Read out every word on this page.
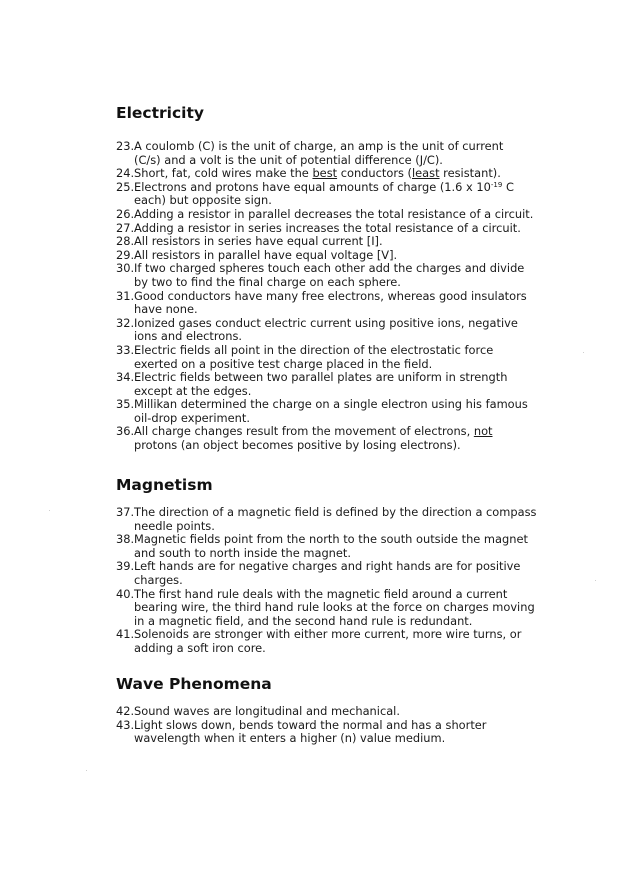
Electricity
23 . A coulomb (C) is the unit of charge, an amp is the unit of current
(C/s) and a volt is the unit of potential difference (J/C).
24 . Short, fat, cold wires make the best conductors (least resistant).
25 . Electrons and protons have equal amounts of charge (1.6 x $10^{-19}$ C
each) but opposite sign.
26 . Adding a resistor in parallel decreases the total resistance of a circuit.
27 . Adding a resistor in series increases the total resistance of a circuit.
28 . All resistors in series have equal current [I].
29 . All resistors in parallel have equal voltage [V].
30 . If two charged spheres touch each other add the charges and divide
by two to find the final charge on each sphere.
31 . Good conductors have many free electrons, whereas good insulators
have none.
32 . Ionized gases conduct electric current using positive ions, negative
ions and electrons.
33 . Electric fields all point in the direction of the electrostatic force
exerted on a positive test charge placed in the field.
34 . Electric fields between two parallel plates are uniform in strength
except at the edges.
35 . Millikan determined the charge on a single electron using his famous
oil-drop experiment.
36 . All charge changes result from the movement of electrons, not
protons (an object becomes positive by losing electrons).
Magnetism
37 . The direction of a magnetic field is defined by the direction a compass
needle points.
38 . Magnetic fields point from the north to the south outside the magnet
and south to north inside the magnet.
39 . Left hands are for negative charges and right hands are for positive
charges.
40 . The first hand rule deals with the magnetic field around a current
bearing wire, the third hand rule looks at the force on charges moving
in a magnetic field, and the second hand rule is redundant.
41 . Solenoids are stronger with either more current, more wire turns, or
adding a soft iron core.
Wave Phenomena
42 . Sound waves are longitudinal and mechanical.
43 . Light slows down, bends toward the normal and has a shorter
wavelength when it enters a higher (n) value medium.
